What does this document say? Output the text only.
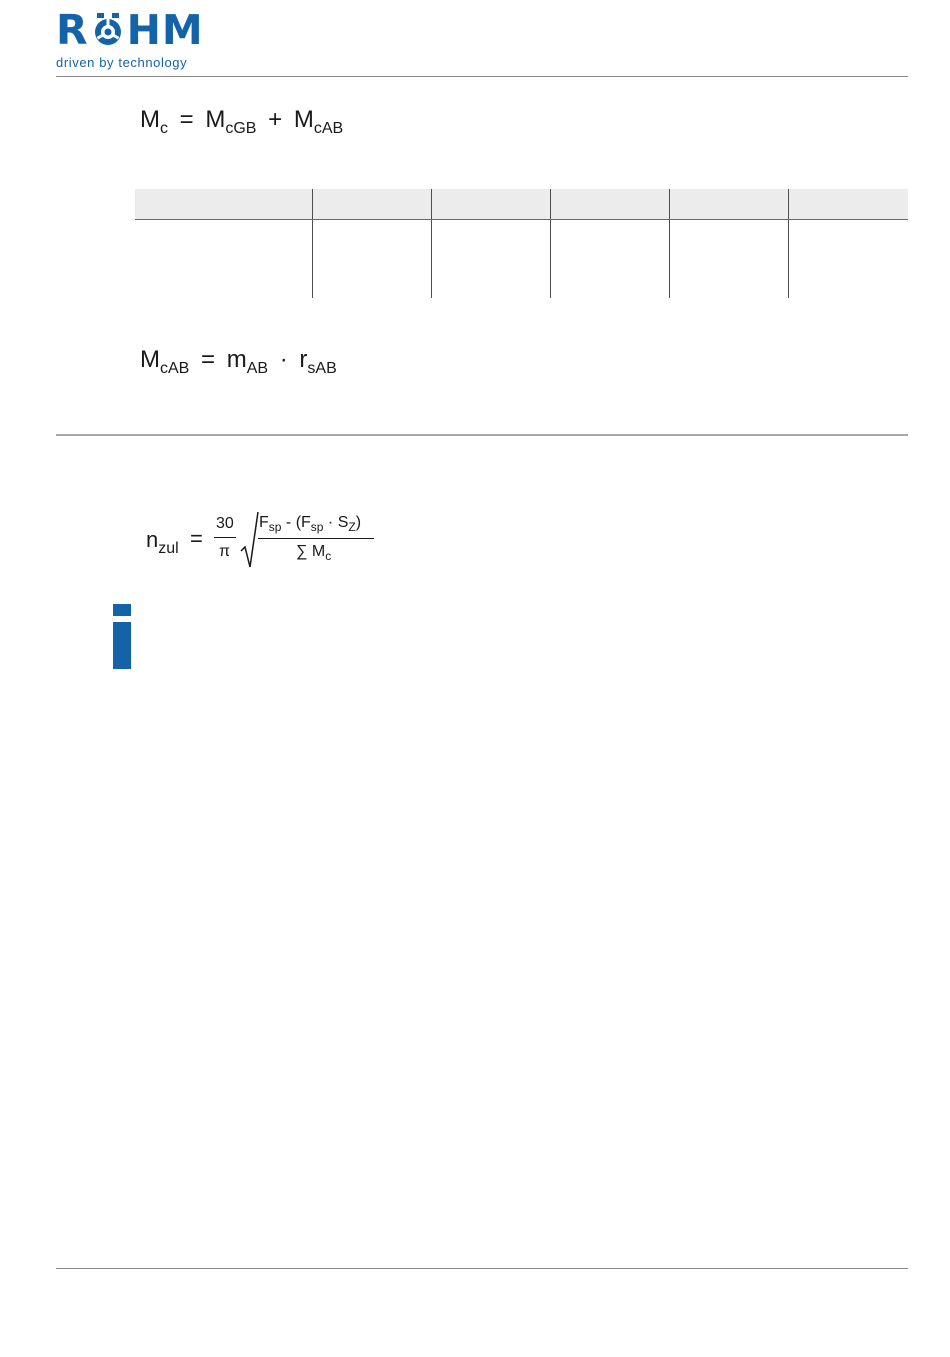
R HM
driven by technology
$M_c = M_{cGB} + M_{cAB}$

$M_{cAB} = m_{AB} \cdot r_{sAB}$
$n_{zul}$ =
30
π
$F_{sp} - (F_{sp} \cdot S_Z)$
∑ $M_c$
